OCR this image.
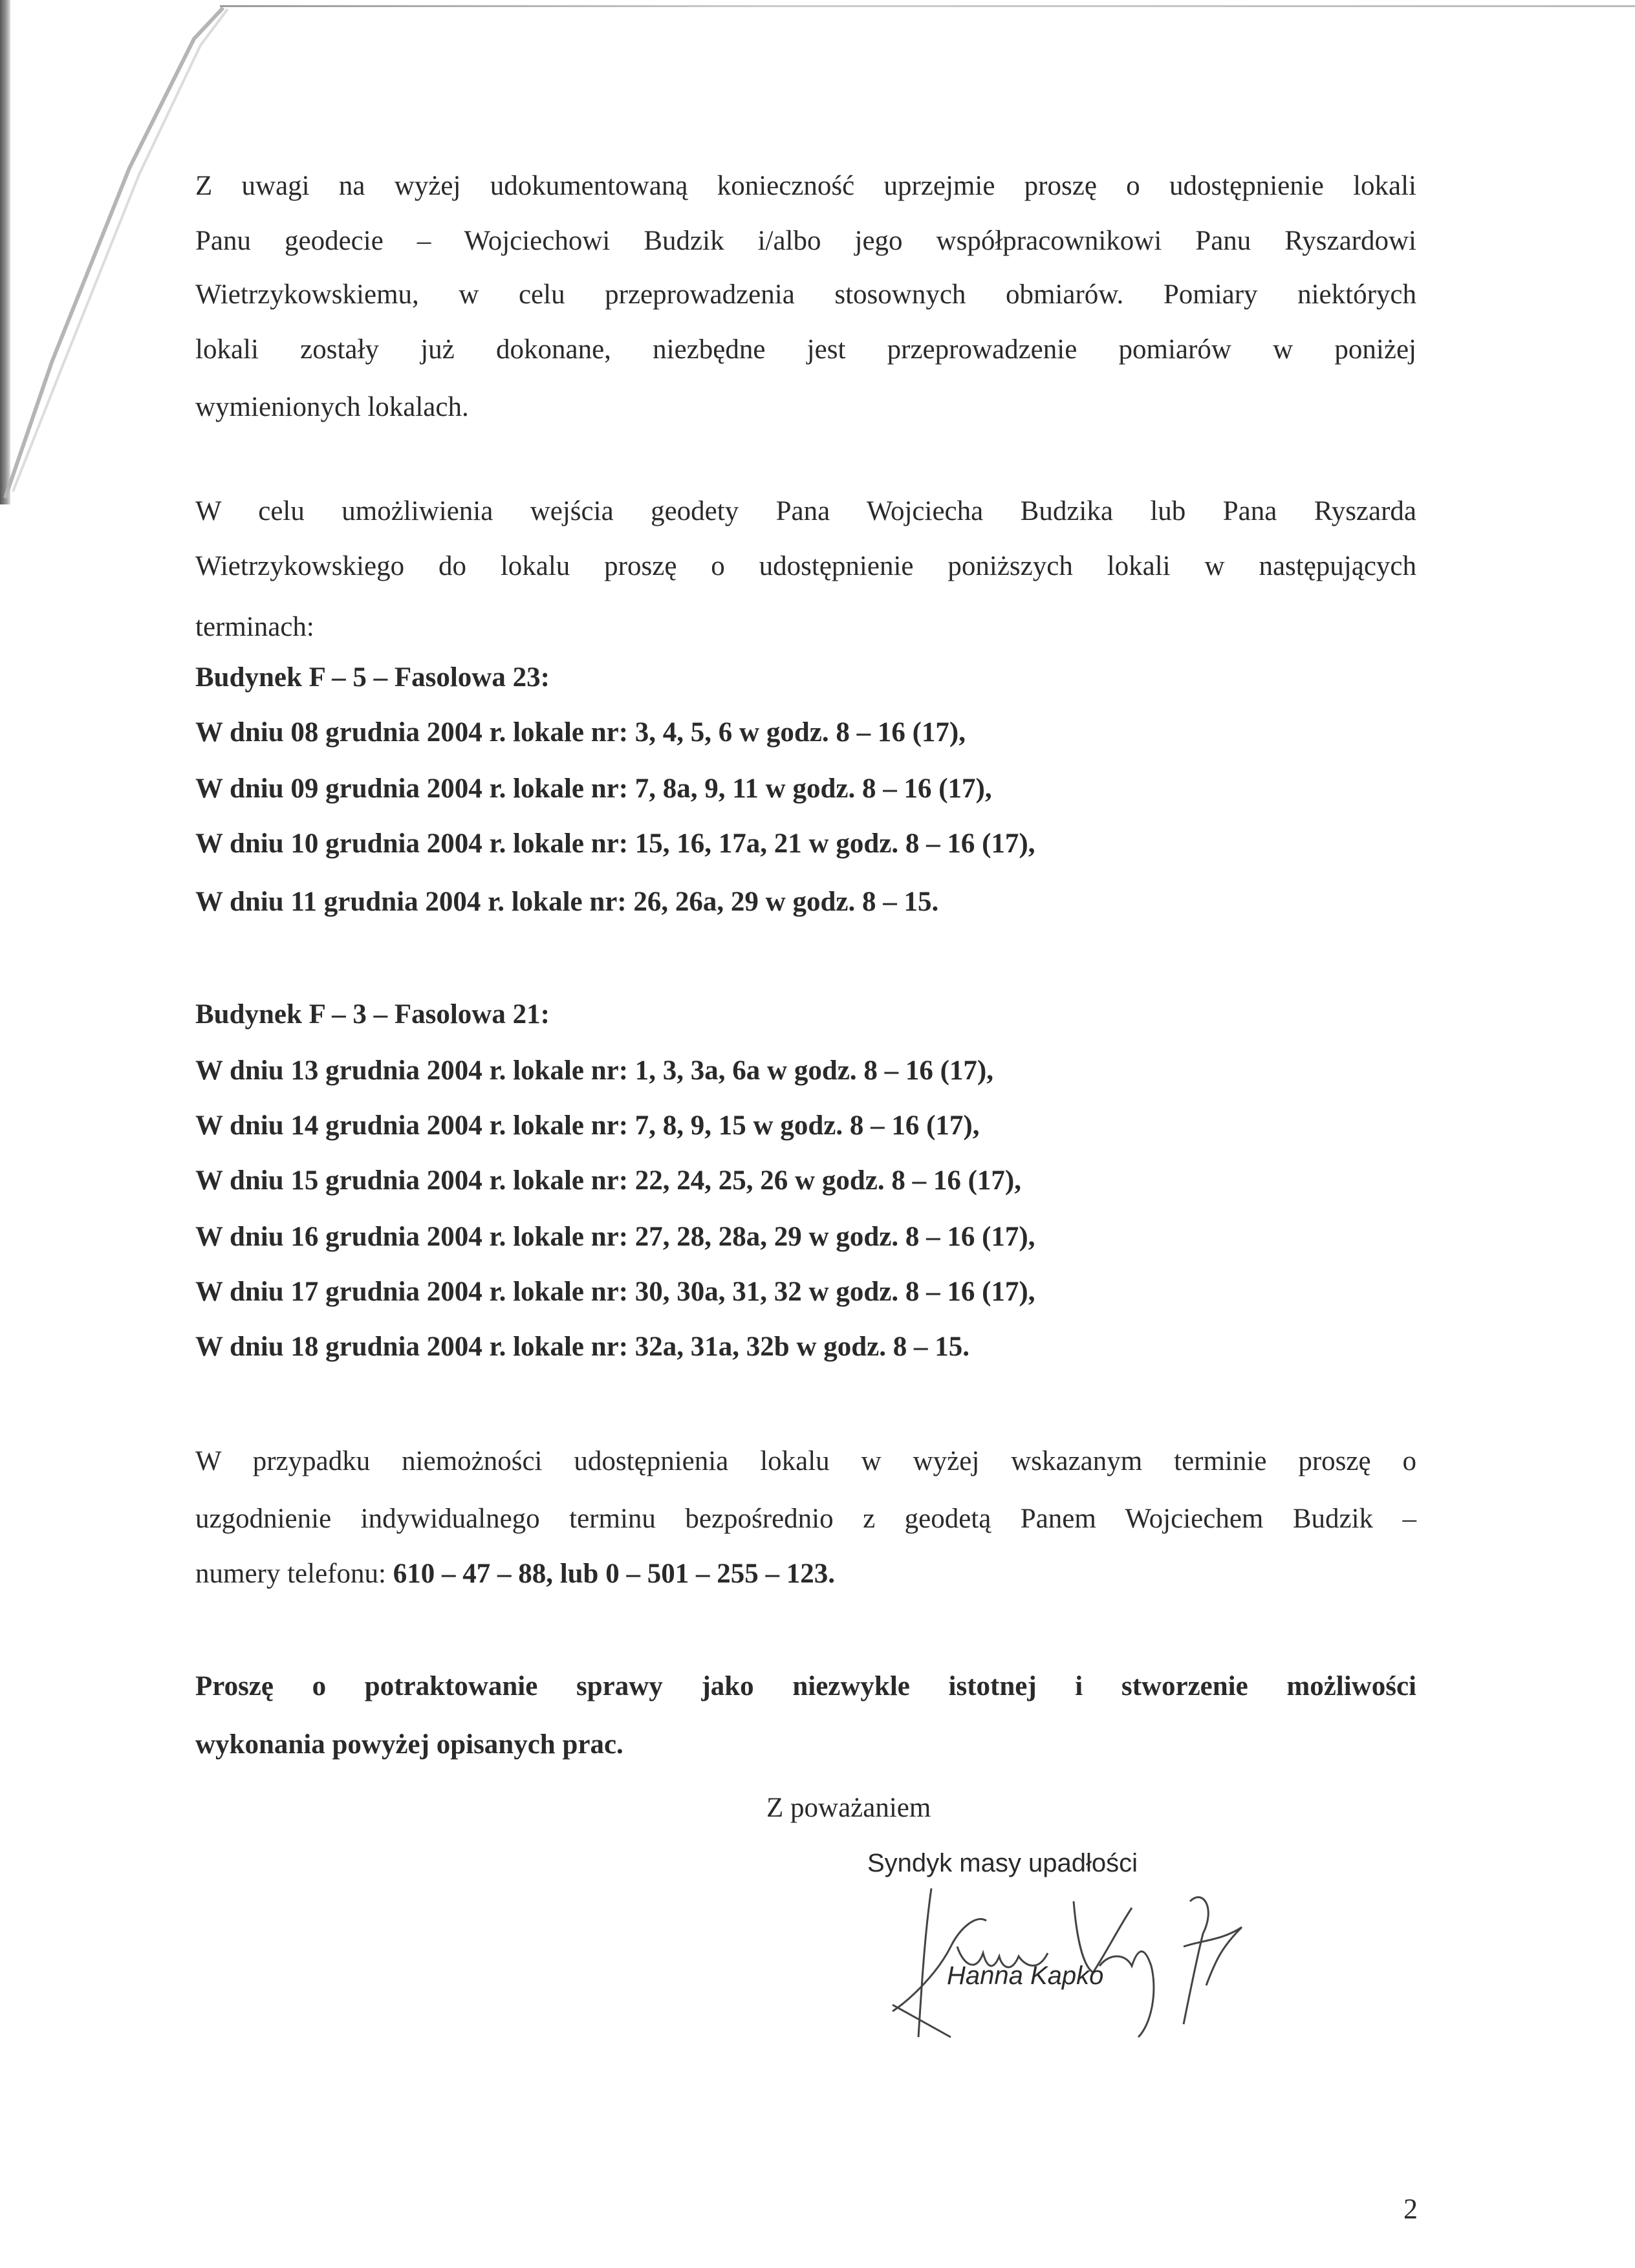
Z uwagi na wyżej udokumentowaną konieczność uprzejmie proszę o udostępnienie lokali
Panu geodecie – Wojciechowi Budzik i/albo jego współpracownikowi Panu Ryszardowi
Wietrzykowskiemu, w celu przeprowadzenia stosownych obmiarów. Pomiary niektórych
lokali zostały już dokonane, niezbędne jest przeprowadzenie pomiarów w poniżej
wymienionych lokalach.
W celu umożliwienia wejścia geodety Pana Wojciecha Budzika lub Pana Ryszarda
Wietrzykowskiego do lokalu proszę o udostępnienie poniższych lokali w następujących
terminach:
Budynek F – 5 – Fasolowa 23:
W dniu 08 grudnia 2004 r. lokale nr: 3, 4, 5, 6 w godz. 8 – 16 (17),
W dniu 09 grudnia 2004 r. lokale nr: 7, 8a, 9, 11 w godz. 8 – 16 (17),
W dniu 10 grudnia 2004 r. lokale nr: 15, 16, 17a, 21 w godz. 8 – 16 (17),
W dniu 11 grudnia 2004 r. lokale nr: 26, 26a, 29 w godz. 8 – 15.
Budynek F – 3 – Fasolowa 21:
W dniu 13 grudnia 2004 r. lokale nr: 1, 3, 3a, 6a w godz. 8 – 16 (17),
W dniu 14 grudnia 2004 r. lokale nr: 7, 8, 9, 15 w godz. 8 – 16 (17),
W dniu 15 grudnia 2004 r. lokale nr: 22, 24, 25, 26 w godz. 8 – 16 (17),
W dniu 16 grudnia 2004 r. lokale nr: 27, 28, 28a, 29 w godz. 8 – 16 (17),
W dniu 17 grudnia 2004 r. lokale nr: 30, 30a, 31, 32 w godz. 8 – 16 (17),
W dniu 18 grudnia 2004 r. lokale nr: 32a, 31a, 32b w godz. 8 – 15.
W przypadku niemożności udostępnienia lokalu w wyżej wskazanym terminie proszę o
uzgodnienie indywidualnego terminu bezpośrednio z geodetą Panem Wojciechem Budzik –
numery telefonu: 610 – 47 – 88, lub 0 – 501 – 255 – 123.
Proszę o potraktowanie sprawy jako niezwykle istotnej i stworzenie możliwości
wykonania powyżej opisanych prac.
Z poważaniem
Syndyk masy upadłości
Hanna Kapko
2
